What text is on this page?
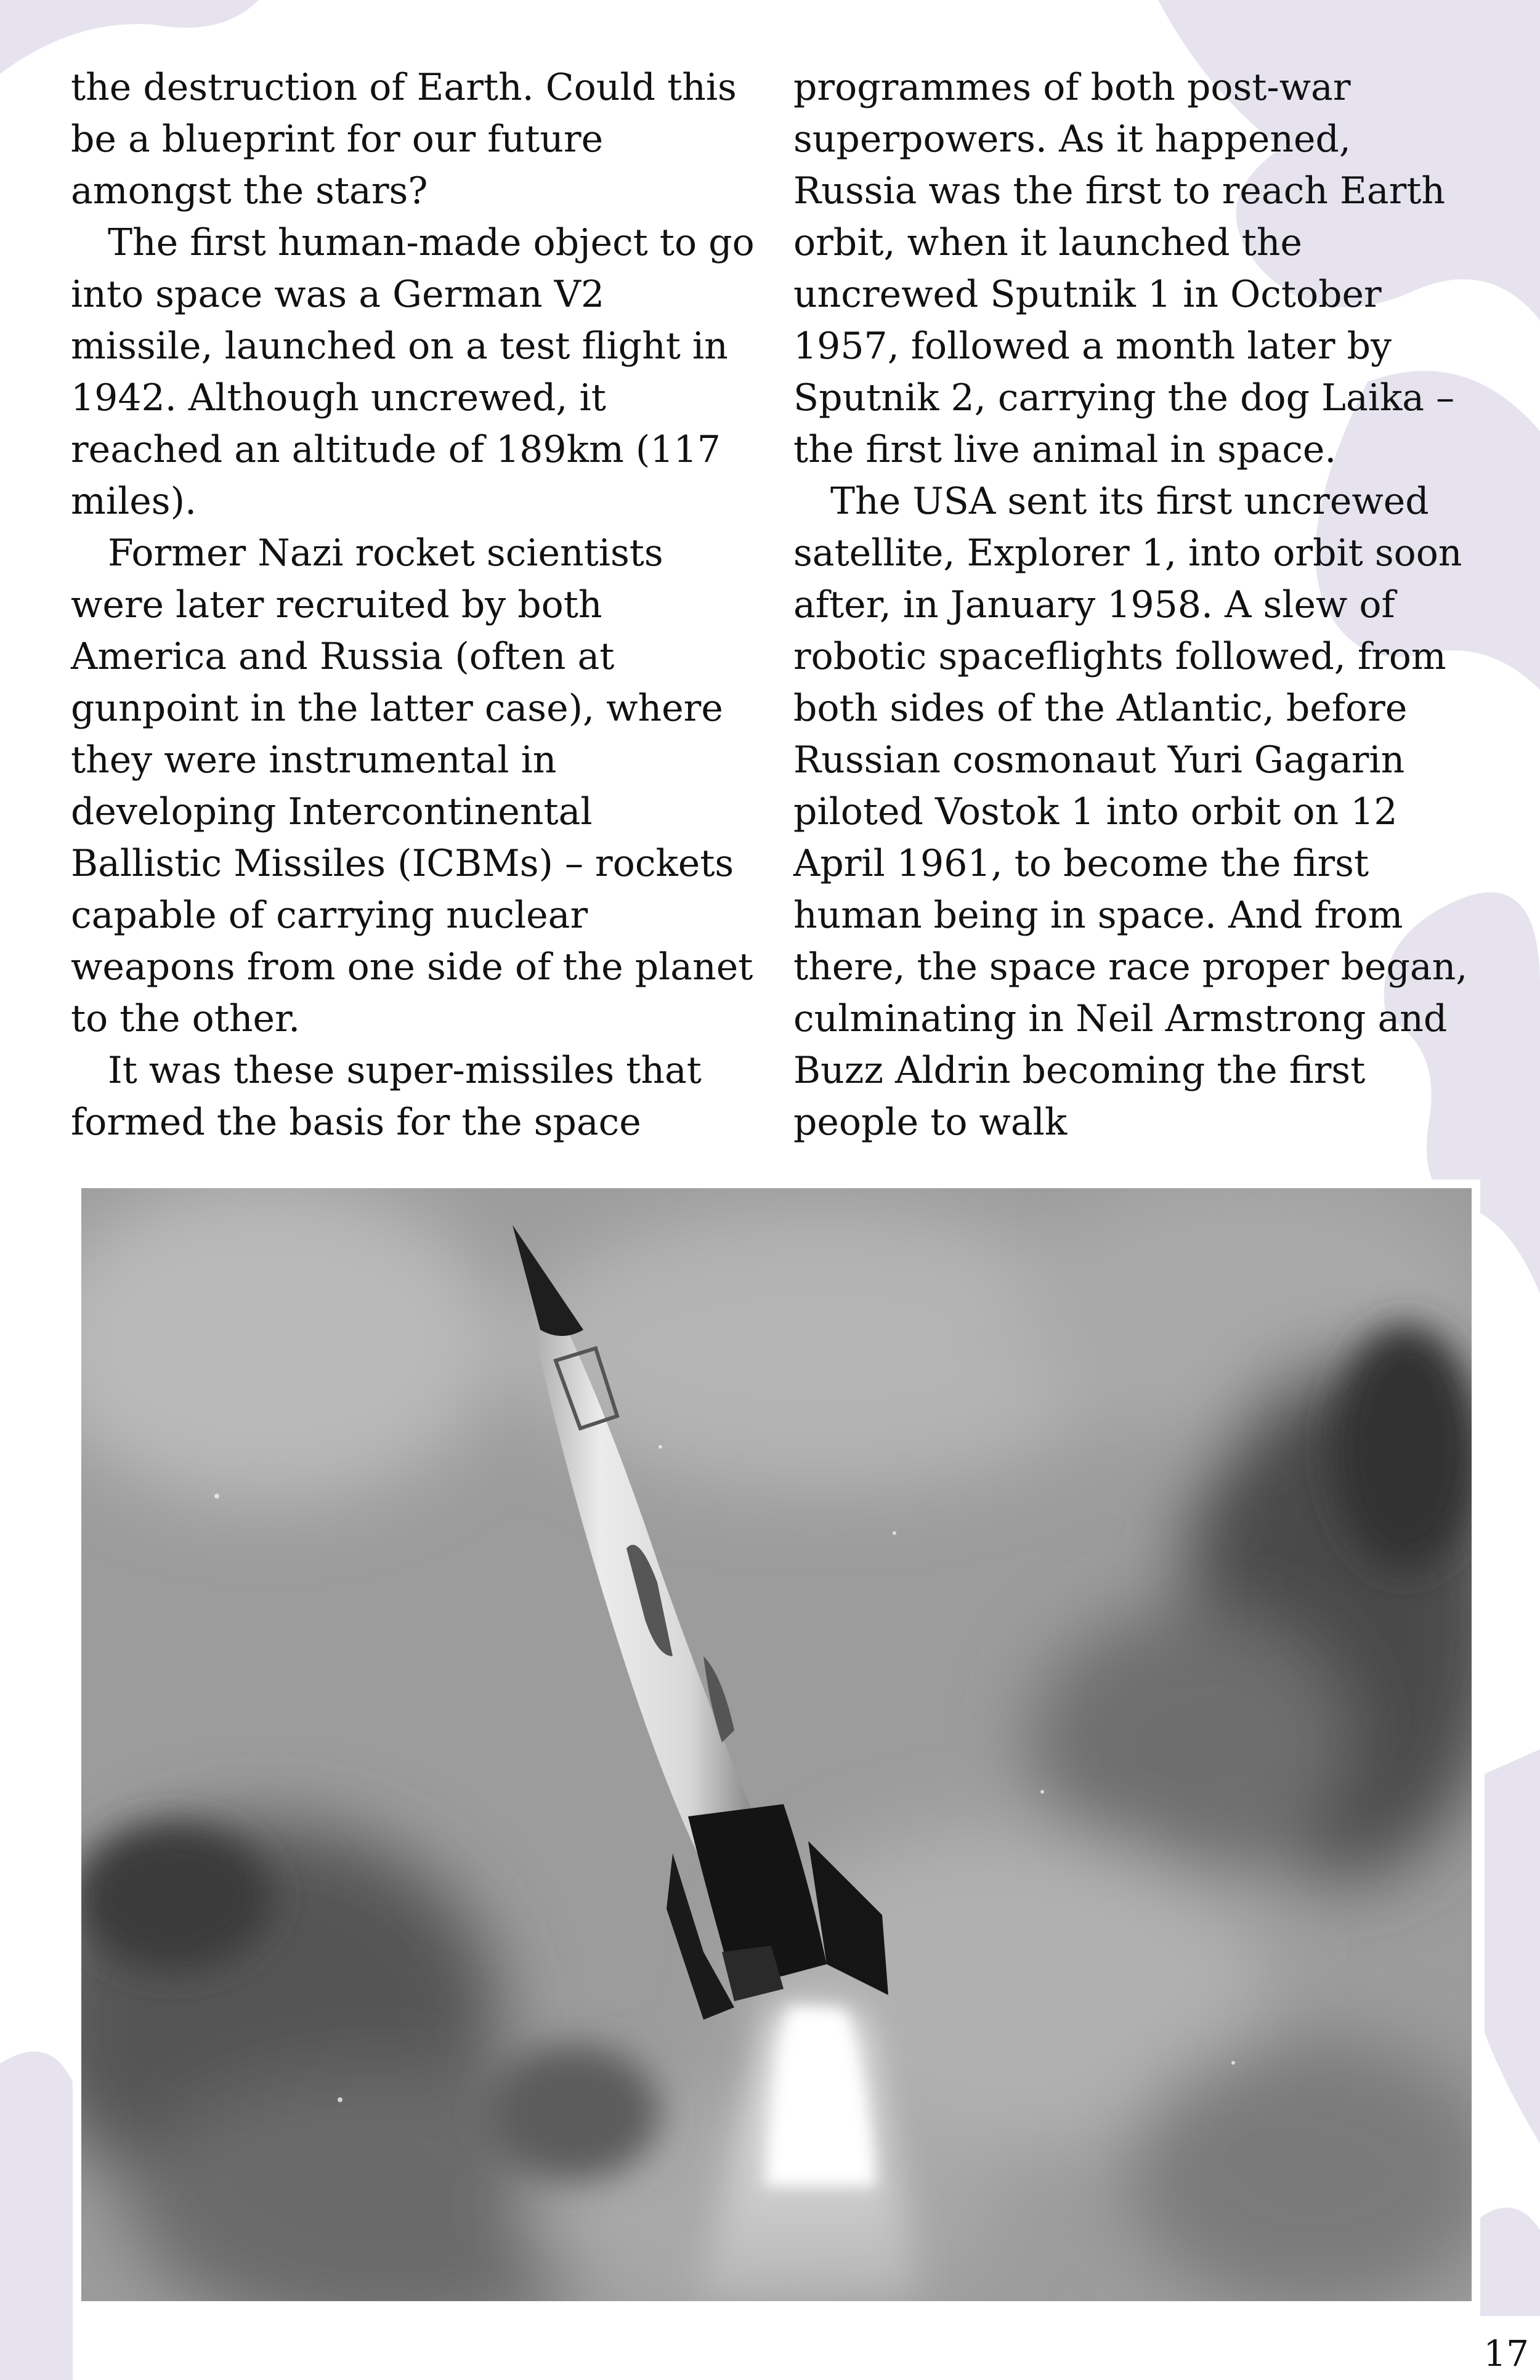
the destruction of Earth. Could this be a blueprint for our future amongst the stars?

The first human-made object to go into space was a German V2 missile, launched on a test flight in 1942. Although uncrewed, it reached an altitude of 189km (117 miles).

Former Nazi rocket scientists were later recruited by both America and Russia (often at gunpoint in the latter case), where they were instrumental in developing Intercontinental Ballistic Missiles (ICBMs) – rockets capable of carrying nuclear weapons from one side of the planet to the other.

It was these super-missiles that formed the basis for the space

programmes of both post-war superpowers. As it happened, Russia was the first to reach Earth orbit, when it launched the uncrewed Sputnik 1 in October 1957, followed a month later by Sputnik 2, carrying the dog Laika – the first live animal in space.

The USA sent its first uncrewed satellite, Explorer 1, into orbit soon after, in January 1958. A slew of robotic spaceflights followed, from both sides of the Atlantic, before Russian cosmonaut Yuri Gagarin piloted Vostok 1 into orbit on 12 April 1961, to become the first human being in space. And from there, the space race proper began, culminating in Neil Armstrong and Buzz Aldrin becoming the first people to walk

17
